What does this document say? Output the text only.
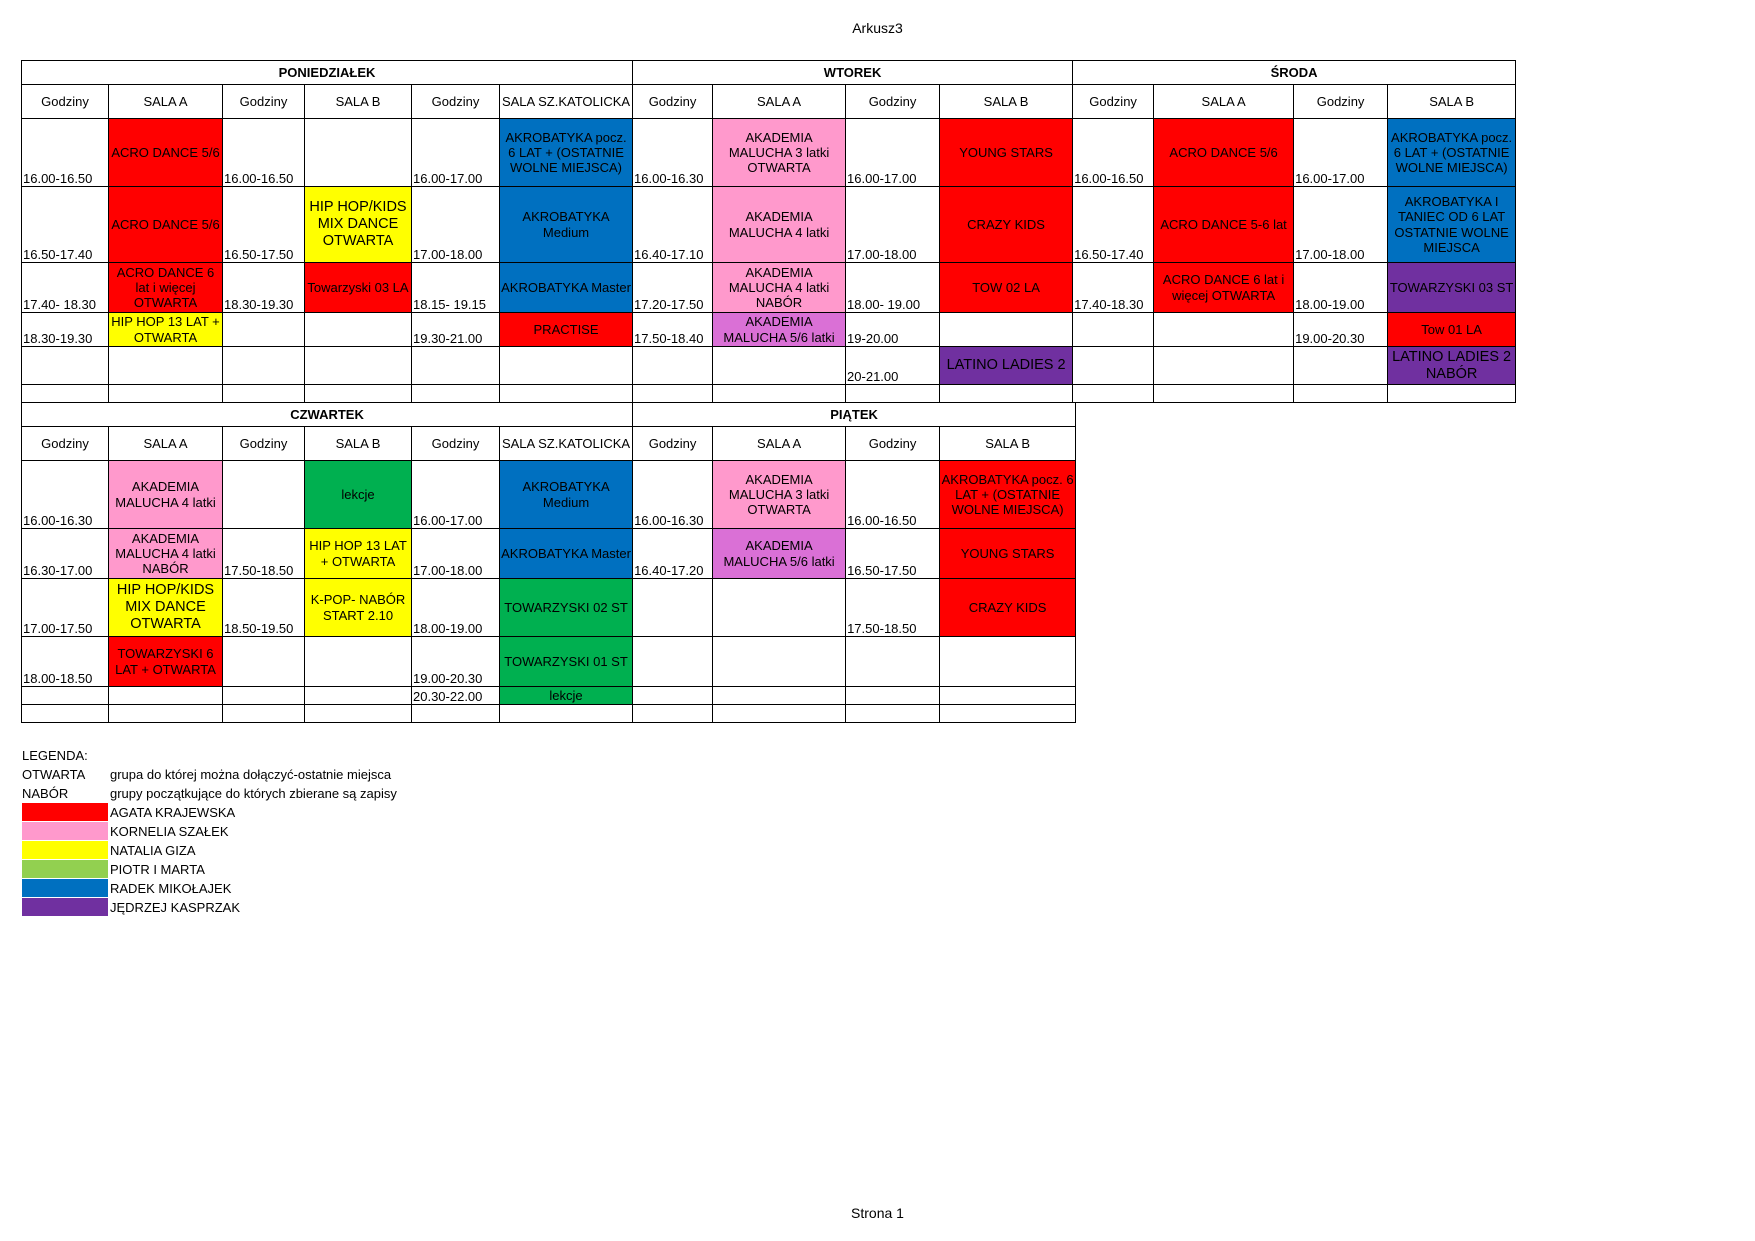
Arkusz3
PONIEDZIAŁEK						WTOREK				ŚRODA			
Godziny	SALA A	Godziny	SALA B	Godziny	SALA SZ.KATOLICKA	Godziny	SALA A	Godziny	SALA B	Godziny	SALA A	Godziny	SALA B
16.00-16.50	ACRO DANCE 5/6	16.00-16.50		16.00-17.00	AKROBATYKA pocz. 6 LAT + (OSTATNIE WOLNE MIEJSCA)	16.00-16.30	AKADEMIA MALUCHA 3 latki OTWARTA	16.00-17.00	YOUNG STARS	16.00-16.50	ACRO DANCE 5/6	16.00-17.00	AKROBATYKA pocz. 6 LAT + (OSTATNIE WOLNE MIEJSCA)
16.50-17.40	ACRO DANCE 5/6	16.50-17.50	HIP HOP/KIDS MIX DANCE OTWARTA	17.00-18.00	AKROBATYKA Medium	16.40-17.10	AKADEMIA MALUCHA 4 latki	17.00-18.00	CRAZY KIDS	16.50-17.40	ACRO DANCE 5-6 lat	17.00-18.00	AKROBATYKA I TANIEC OD 6 LAT OSTATNIE WOLNE MIEJSCA
17.40- 18.30	ACRO DANCE 6 lat i więcej OTWARTA	18.30-19.30	Towarzyski 03 LA	18.15- 19.15	AKROBATYKA Master	17.20-17.50	AKADEMIA MALUCHA 4 latki NABÓR	18.00- 19.00	TOW 02 LA	17.40-18.30	ACRO DANCE 6 lat i więcej OTWARTA	18.00-19.00	TOWARZYSKI 03 ST
18.30-19.30	HIP HOP 13 LAT + OTWARTA			19.30-21.00	PRACTISE	17.50-18.40	AKADEMIA MALUCHA 5/6 latki	19-20.00				19.00-20.30	Tow 01 LA
								20-21.00	LATINO LADIES 2				LATINO LADIES 2 NABÓR

CZWARTEK						PIĄTEK			
Godziny	SALA A	Godziny	SALA B	Godziny	SALA SZ.KATOLICKA	Godziny	SALA A	Godziny	SALA B
16.00-16.30	AKADEMIA MALUCHA 4 latki		lekcje	16.00-17.00	AKROBATYKA Medium	16.00-16.30	AKADEMIA MALUCHA 3 latki OTWARTA	16.00-16.50	AKROBATYKA pocz. 6 LAT + (OSTATNIE WOLNE MIEJSCA)
16.30-17.00	AKADEMIA MALUCHA 4 latki NABÓR	17.50-18.50	HIP HOP 13 LAT + OTWARTA	17.00-18.00	AKROBATYKA Master	16.40-17.20	AKADEMIA MALUCHA 5/6 latki	16.50-17.50	YOUNG STARS
17.00-17.50	HIP HOP/KIDS MIX DANCE OTWARTA	18.50-19.50	K-POP- NABÓR START 2.10	18.00-19.00	TOWARZYSKI 02 ST			17.50-18.50	CRAZY KIDS
18.00-18.50	TOWARZYSKI 6 LAT + OTWARTA			19.00-20.30	TOWARZYSKI 01 ST				
				20.30-22.00	lekcje				

LEGENDA:
OTWARTA	grupa do której można dołączyć-ostatnie miejsca
NABÓR	grupy początkujące do których zbierane są zapisy
AGATA KRAJEWSKA
KORNELIA SZAŁEK
NATALIA GIZA
PIOTR I MARTA
RADEK MIKOŁAJEK
JĘDRZEJ KASPRZAK
Strona 1
